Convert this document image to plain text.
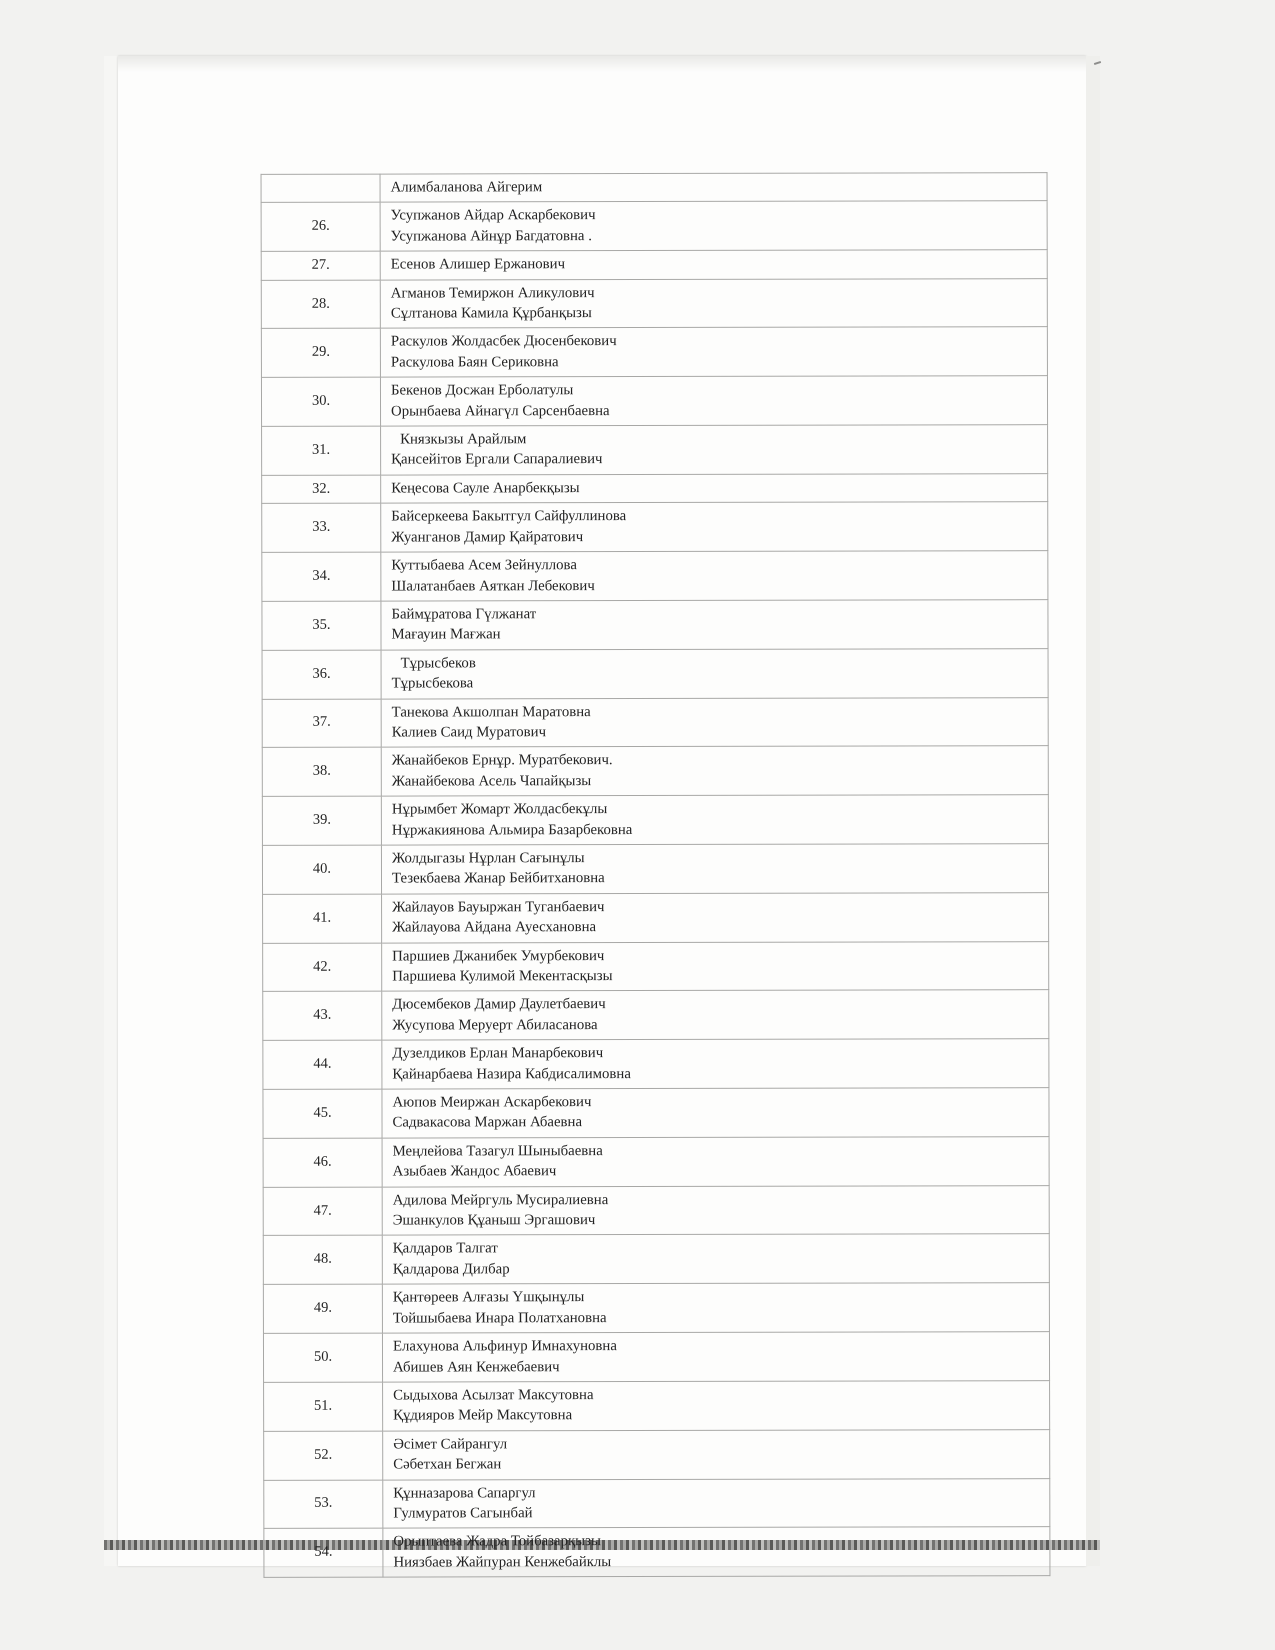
	Алимбаланова Айгерим

26.	Усупжанов Айдар Аскарбекович
Усупжанова Айнұр Багдатовна .

27.	Есенов Алишер Ержанович

28.	Агманов Темиржон Аликулович
Сұлтанова Камила Құрбанқызы

29.	Раскулов Жолдасбек Дюсенбекович
Раскулова Баян Сериковна

30.	Бекенов Досжан Ерболатулы
Орынбаева Айнагүл Сарсенбаевна

31.	Князкызы Арайлым
Қансейітов Ергали Сапаралиевич

32.	Кеңесова Сауле Анарбекқызы

33.	Байсеркеева Бакытгул Сайфуллинова
Жуанганов Дамир Қайратович

34.	Куттыбаева Асем Зейнуллова
Шалатанбаев Аяткан Лебекович

35.	Баймұратова Гүлжанат
Мағауин Мағжан

36.	Тұрысбеков
Тұрысбекова

37.	Танекова Акшолпан Маратовна
Калиев Саид Муратович

38.	Жанайбеков Ернұр. Муратбекович.
Жанайбекова Асель Чапайқызы

39.	Нұрымбет Жомарт Жолдасбекұлы
Нұржакиянова Альмира Базарбековна

40.	Жолдыгазы Нұрлан Сағынұлы
Тезекбаева Жанар Бейбитхановна

41.	Жайлауов Бауыржан Туганбаевич
Жайлауова Айдана Ауесхановна

42.	Паршиев Джанибек Умурбекович
Паршиева Кулимой Мекентасқызы

43.	Дюсембеков Дамир Даулетбаевич
Жусупова Меруерт Абиласанова

44.	Дузелдиков Ерлан Манарбекович
Қайнарбаева Назира Кабдисалимовна

45.	Аюпов Меиржан Аскарбекович
Садвакасова Маржан Абаевна

46.	Меңлейова Тазагул Шыныбаевна
Азыбаев Жандос Абаевич

47.	Адилова Мейргуль Мусиралиевна
Эшанкулов Құаныш Эргашович

48.	Қалдаров Талгат
Қалдарова Дилбар

49.	Қантөреев Алғазы Үшқынұлы
Тойшыбаева Инара Полатхановна

50.	Елахунова Альфинур Имнахуновна
Абишев Аян Кенжебаевич

51.	Сыдыхова Асылзат Максутовна
Құдияров Мейр Максутовна

52.	Әсімет Сайрангул
Сәбетхан Бегжан

53.	Құнназарова Сапаргул
Гулмуратов Сагынбай

54.	Орыптаева Жадра Тойбазарқызы
Ниязбаев Жайпуран Кенжебайклы
